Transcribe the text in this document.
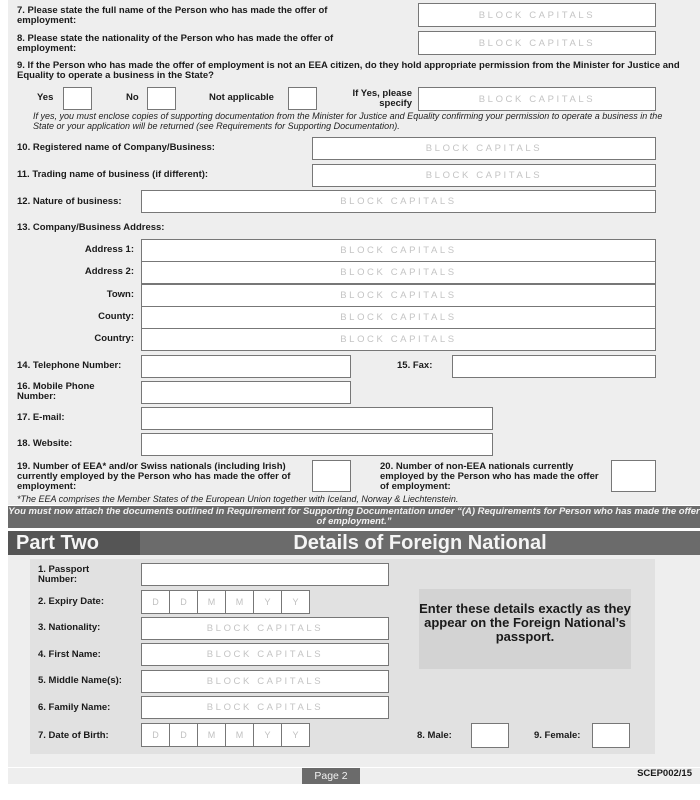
7. Please state the full name of the Person who has made the offer of employment:	BLOCK CAPITALS
8. Please state the nationality of the Person who has made the offer of employment:	BLOCK CAPITALS
9. If the Person who has made the offer of employment is not an EEA citizen, do they hold appropriate permission from the Minister for Justice and Equality to operate a business in the State?
Yes	No	Not applicable	If Yes, please specify	BLOCK CAPITALS
If yes, you must enclose copies of supporting documentation from the Minister for Justice and Equality confirming your permission to operate a business in the State or your application will be returned (see Requirements for Supporting Documentation).
10. Registered name of Company/Business:	BLOCK CAPITALS
11. Trading name of business (if different):	BLOCK CAPITALS
12. Nature of business:	BLOCK CAPITALS
13. Company/Business Address:
Address 1:	BLOCK CAPITALS
Address 2:	BLOCK CAPITALS
Town:	BLOCK CAPITALS
County:	BLOCK CAPITALS
Country:	BLOCK CAPITALS
14. Telephone Number:	15. Fax:
16. Mobile Phone Number:
17. E-mail:
18. Website:
19. Number of EEA* and/or Swiss nationals (including Irish) currently employed by the Person who has made the offer of employment:
20. Number of non-EEA nationals currently employed by the Person who has made the offer of employment:
*The EEA comprises the Member States of the European Union together with Iceland, Norway & Liechtenstein.
You must now attach the documents outlined in Requirement for Supporting Documentation under “(A) Requirements for Person who has made the offer of employment.”
Part Two	Details of Foreign National
1. Passport Number:
2. Expiry Date:	D	D	M	M	Y	Y
3. Nationality:	BLOCK CAPITALS
4. First Name:	BLOCK CAPITALS
5. Middle Name(s):	BLOCK CAPITALS
6. Family Name:	BLOCK CAPITALS
7. Date of Birth:	D	D	M	M	Y	Y	8. Male:	9. Female:
Enter these details exactly as they appear on the Foreign National’s passport.
Page 2	SCEP002/15
